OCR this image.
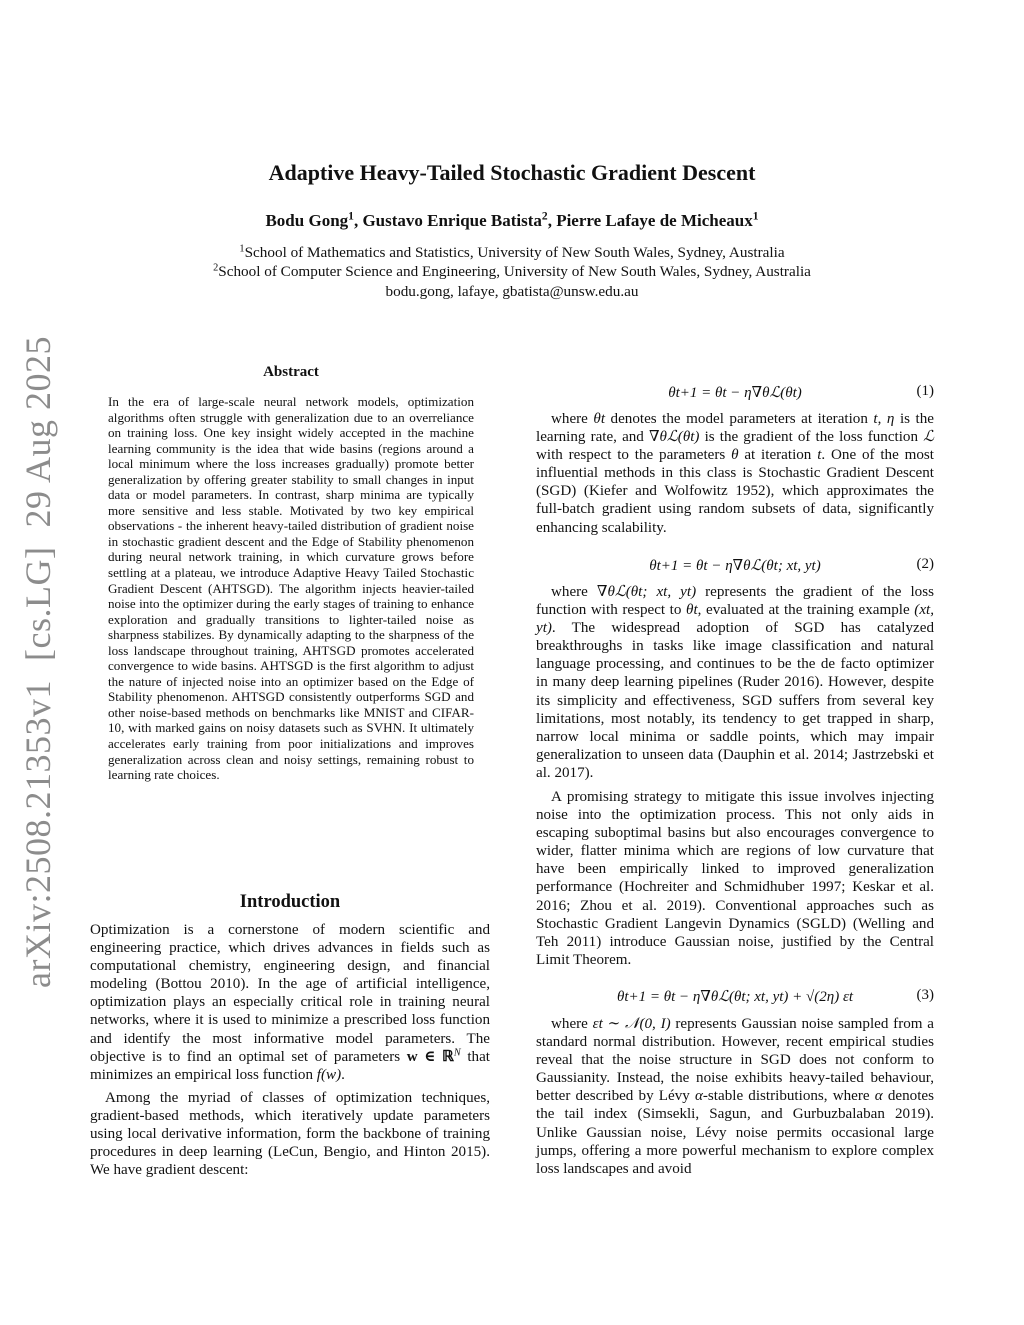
arXiv:2508.21353v1  [cs.LG]  29 Aug 2025
Adaptive Heavy-Tailed Stochastic Gradient Descent
Bodu Gong$^1$, Gustavo Enrique Batista$^2$, Pierre Lafaye de Micheaux$^1$
$^1$School of Mathematics and Statistics, University of New South Wales, Sydney, Australia
$^2$School of Computer Science and Engineering, University of New South Wales, Sydney, Australia
bodu.gong, lafaye, gbatista@unsw.edu.au
Abstract

In the era of large-scale neural network models, optimization algorithms often struggle with generalization due to an overreliance on training loss. One key insight widely accepted in the machine learning community is the idea that wide basins (regions around a local minimum where the loss increases gradually) promote better generalization by offering greater stability to small changes in input data or model parameters. In contrast, sharp minima are typically more sensitive and less stable. Motivated by two key empirical observations - the inherent heavy-tailed distribution of gradient noise in stochastic gradient descent and the Edge of Stability phenomenon during neural network training, in which curvature grows before settling at a plateau, we introduce Adaptive Heavy Tailed Stochastic Gradient Descent (AHTSGD). The algorithm injects heavier-tailed noise into the optimizer during the early stages of training to enhance exploration and gradually transitions to lighter-tailed noise as sharpness stabilizes. By dynamically adapting to the sharpness of the loss landscape throughout training, AHTSGD promotes accelerated convergence to wide basins. AHTSGD is the first algorithm to adjust the nature of injected noise into an optimizer based on the Edge of Stability phenomenon. AHTSGD consistently outperforms SGD and other noise-based methods on benchmarks like MNIST and CIFAR-10, with marked gains on noisy datasets such as SVHN. It ultimately accelerates early training from poor initializations and improves generalization across clean and noisy settings, remaining robust to learning rate choices.

Introduction

Optimization is a cornerstone of modern scientific and engineering practice, which drives advances in fields such as computational chemistry, engineering design, and financial modeling (Bottou 2010). In the age of artificial intelligence, optimization plays an especially critical role in training neural networks, where it is used to minimize a prescribed loss function and identify the most informative model parameters. The objective is to find an optimal set of parameters w ∈ ℝ$^N$ that minimizes an empirical loss function f(w).

Among the myriad of classes of optimization techniques, gradient-based methods, which iteratively update parameters using local derivative information, form the backbone of training procedures in deep learning (LeCun, Bengio, and Hinton 2015). We have gradient descent:

θt+1 = θt − η∇θℒ(θt)	(1)

where θt denotes the model parameters at iteration t, η is the learning rate, and ∇θℒ(θt) is the gradient of the loss function ℒ with respect to the parameters θ at iteration t. One of the most influential methods in this class is Stochastic Gradient Descent (SGD) (Kiefer and Wolfowitz 1952), which approximates the full-batch gradient using random subsets of data, significantly enhancing scalability.

θt+1 = θt − η∇θℒ(θt; xt, yt)	(2)

where ∇θℒ(θt; xt, yt) represents the gradient of the loss function with respect to θt, evaluated at the training example (xt, yt). The widespread adoption of SGD has catalyzed breakthroughs in tasks like image classification and natural language processing, and continues to be the de facto optimizer in many deep learning pipelines (Ruder 2016). However, despite its simplicity and effectiveness, SGD suffers from several key limitations, most notably, its tendency to get trapped in sharp, narrow local minima or saddle points, which may impair generalization to unseen data (Dauphin et al. 2014; Jastrzebski et al. 2017).

A promising strategy to mitigate this issue involves injecting noise into the optimization process. This not only aids in escaping suboptimal basins but also encourages convergence to wider, flatter minima which are regions of low curvature that have been empirically linked to improved generalization performance (Hochreiter and Schmidhuber 1997; Keskar et al. 2016; Zhou et al. 2019). Conventional approaches such as Stochastic Gradient Langevin Dynamics (SGLD) (Welling and Teh 2011) introduce Gaussian noise, justified by the Central Limit Theorem.

θt+1 = θt − η∇θℒ(θt; xt, yt) + √(2η) εt	(3)

where εt ∼ 𝒩(0, I) represents Gaussian noise sampled from a standard normal distribution. However, recent empirical studies reveal that the noise structure in SGD does not conform to Gaussianity. Instead, the noise exhibits heavy-tailed behaviour, better described by Lévy α-stable distributions, where α denotes the tail index (Simsekli, Sagun, and Gurbuzbalaban 2019). Unlike Gaussian noise, Lévy noise permits occasional large jumps, offering a more powerful mechanism to explore complex loss landscapes and avoid
